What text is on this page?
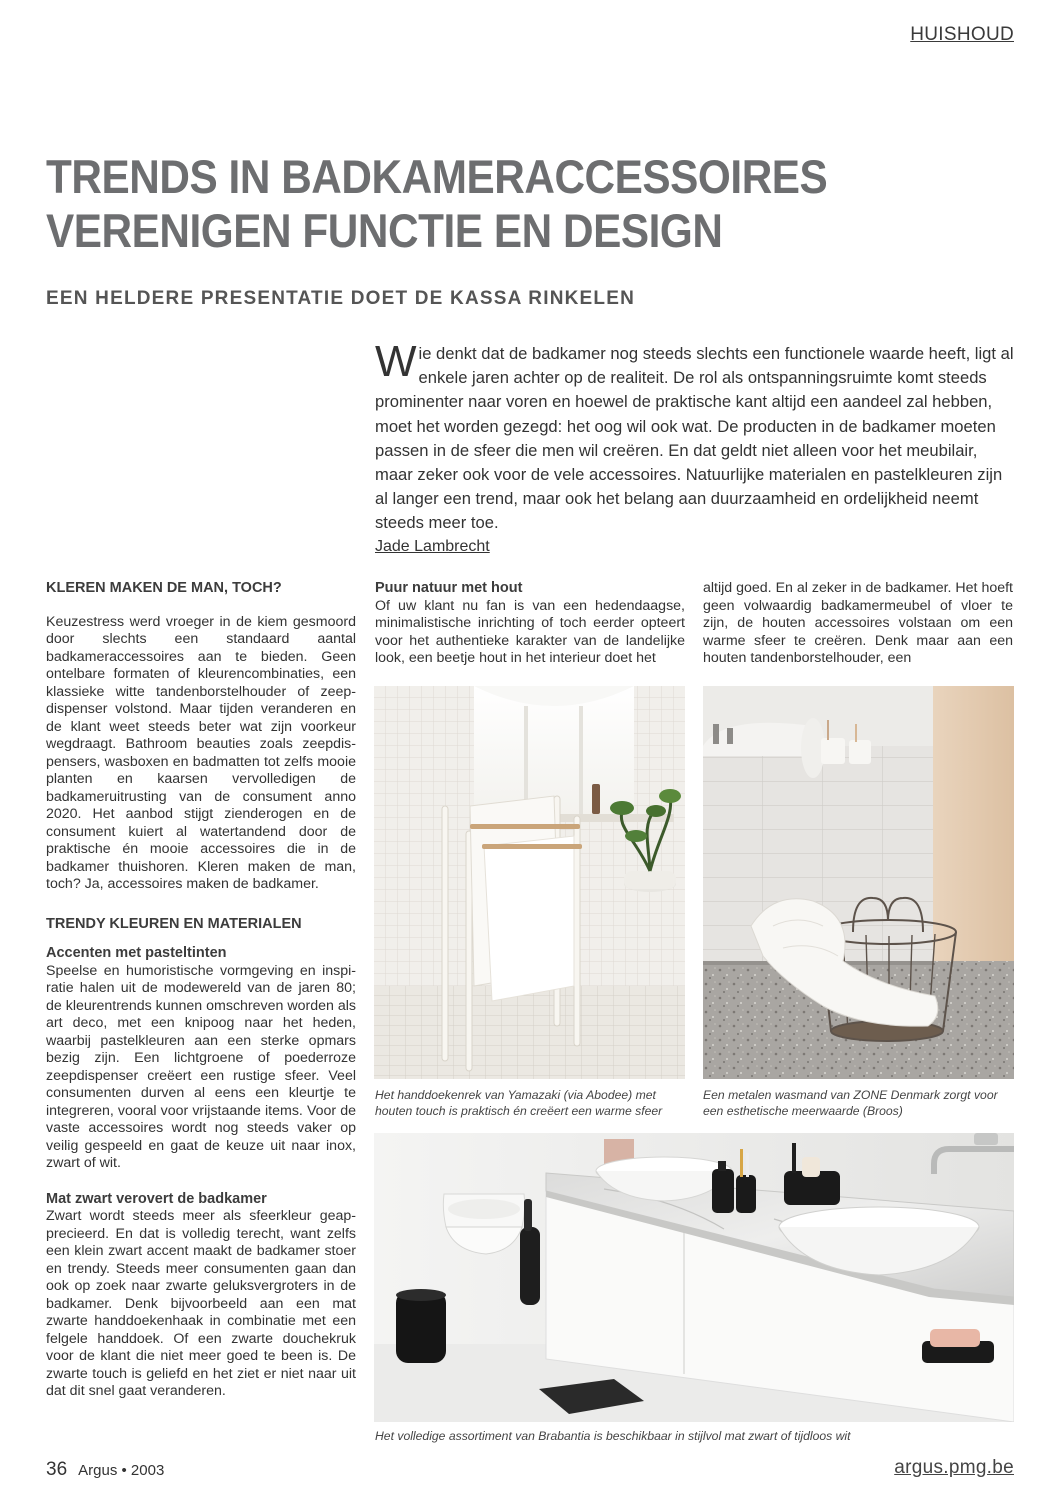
HUISHOUD
TRENDS IN BADKAMERACCESSOIRES
VERENIGEN FUNCTIE EN DESIGN
EEN HELDERE PRESENTATIE DOET DE KASSA RINKELEN
W ie denkt dat de badkamer nog steeds slechts een functionele waarde heeft, ligt al enkele jaren achter op de realiteit. De rol als ontspanningsruimte komt steeds prominenter naar voren en hoewel de praktische kant altijd een aandeel zal hebben, moet het worden gezegd: het oog wil ook wat. De producten in de badkamer moeten passen in de sfeer die men wil creëren. En dat geldt niet alleen voor het meubilair, maar zeker ook voor de vele accessoires. Natuurlijke materialen en pastelkleuren zijn al langer een trend, maar ook het belang aan duurzaamheid en ordelijkheid neemt steeds meer toe.
Jade Lambrecht
KLEREN MAKEN DE MAN, TOCH?

Keuzestress werd vroeger in de kiem gesmoord door slechts een standaard aantal badkameraccessoires aan te bieden. Geen ontelbare formaten of kleurencombinaties, een klassieke witte tandenborstelhouder of zeepdispenser volstond. Maar tijden veranderen en de klant weet steeds beter wat zijn voorkeur wegdraagt. Bathroom beauties zoals zeepdispensers, wasboxen en badmatten tot zelfs mooie planten en kaarsen vervolledigen de badkameruitrusting van de consument anno 2020. Het aanbod stijgt zienderogen en de consument kuiert al watertandend door de praktische én mooie accessoires die in de badkamer thuishoren. Kleren maken de man, toch? Ja, accessoires maken de badkamer.

TRENDY KLEUREN EN MATERIALEN
Accenten met pasteltinten

Speelse en humoristische vormgeving en inspiratie halen uit de modewereld van de jaren 80; de kleurentrends kunnen omschreven worden als art deco, met een knipoog naar het heden, waarbij pastelkleuren aan een sterke opmars bezig zijn. Een lichtgroene of poederroze zeepdispenser creëert een rustige sfeer. Veel consumenten durven al eens een kleurtje te integreren, vooral voor vrijstaande items. Voor de vaste accessoires wordt nog steeds vaker op veilig gespeeld en gaat de keuze uit naar inox, zwart of wit.

Mat zwart verovert de badkamer

Zwart wordt steeds meer als sfeerkleur geapprecieerd. En dat is volledig terecht, want zelfs een klein zwart accent maakt de badkamer stoer en trendy. Steeds meer consumenten gaan dan ook op zoek naar zwarte geluksvergroters in de badkamer. Denk bijvoorbeeld aan een mat zwarte handdoekenhaak in combinatie met een felgele handdoek. Of een zwarte douchekruk voor de klant die niet meer goed te been is. De zwarte touch is geliefd en het ziet er niet naar uit dat dit snel gaat veranderen.

Puur natuur met hout

Of uw klant nu fan is van een hedendaagse, minimalistische inrichting of toch eerder opteert voor het authentieke karakter van de landelijke look, een beetje hout in het interieur doet het

altijd goed. En al zeker in de badkamer. Het hoeft geen volwaardig badkamermeubel of vloer te zijn, de houten accessoires volstaan om een warme sfeer te creëren. Denk maar aan een houten tandenborstelhouder, een

Het handdoekenrek van Yamazaki (via Abodee) met houten touch is praktisch én creëert een warme sfeer
Een metalen wasmand van ZONE Denmark zorgt voor een esthetische meerwaarde (Broos)
Het volledige assortiment van Brabantia is beschikbaar in stijlvol mat zwart of tijdloos wit
36 Argus • 2003	argus.pmg.be
